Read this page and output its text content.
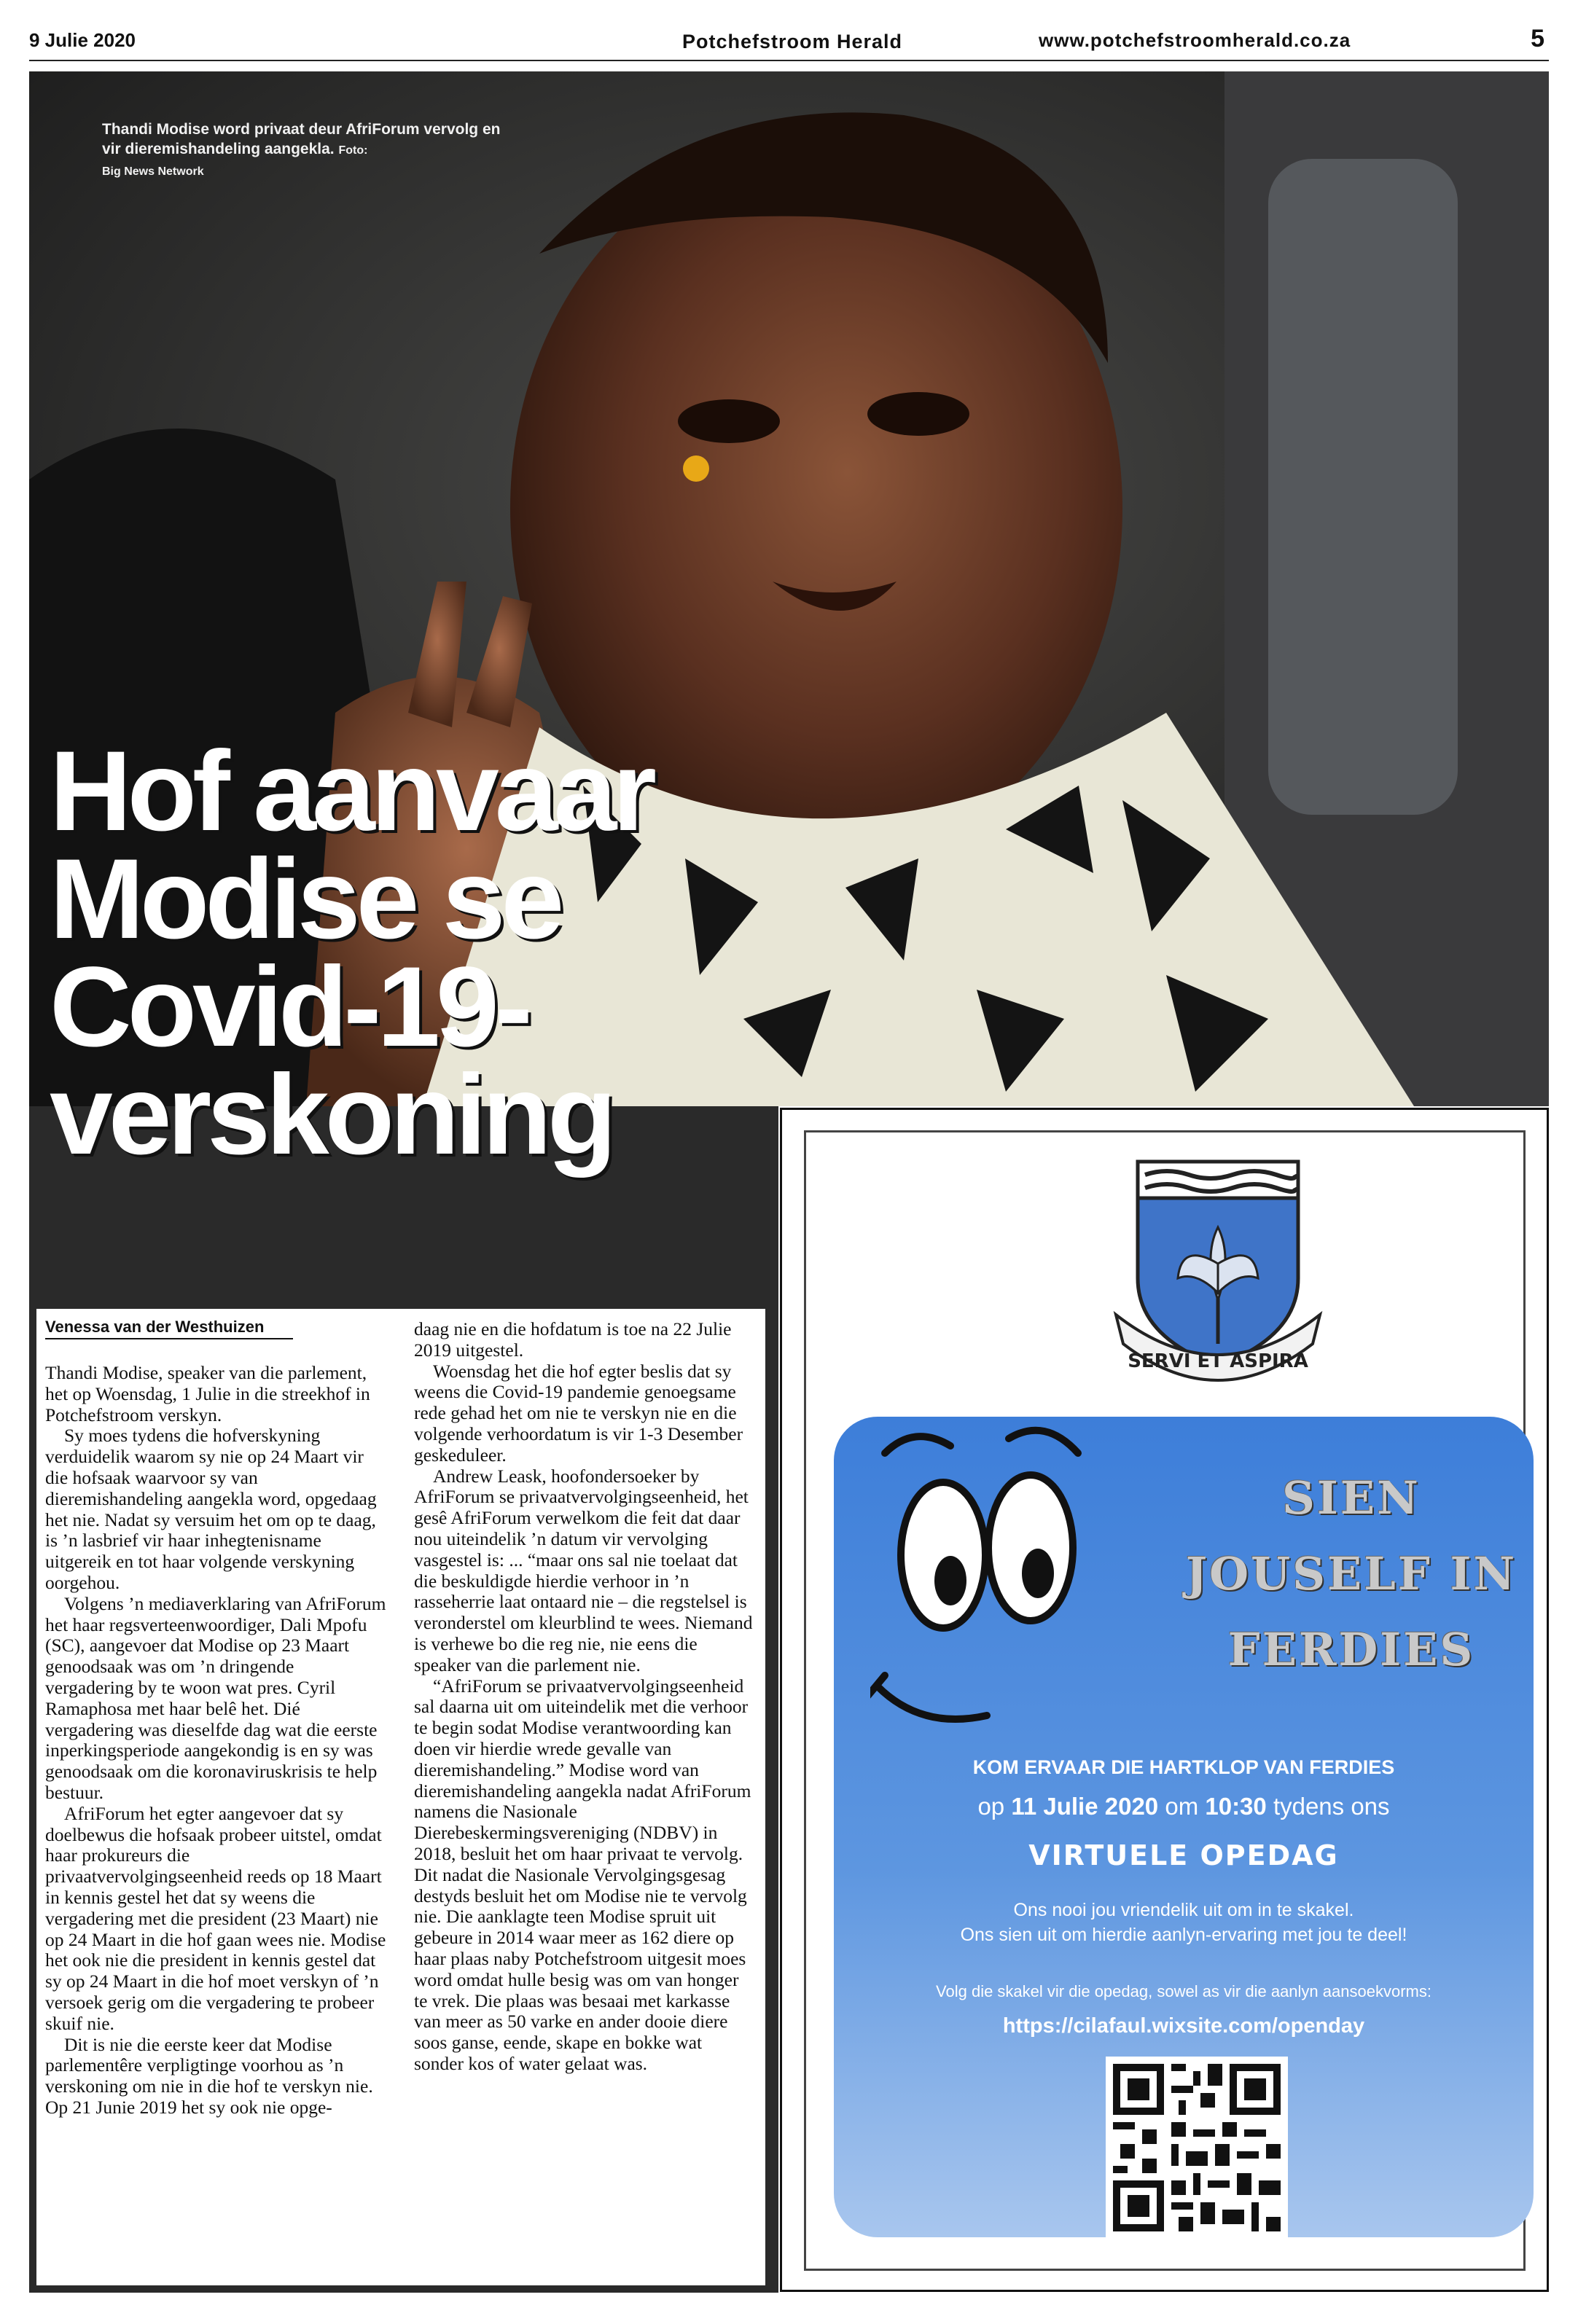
9 Julie 2020	Potchefstroom Herald	www.potchefstroomherald.co.za	5
Thandi Modise word privaat deur AfriForum vervolg en vir dieremishandeling aangekla. Foto:
Big News Network
Hof aanvaar
Modise se
Covid-19-
verskoning
Venessa van der Westhuizen

Thandi Modise, speaker van die parlement, het op Woensdag, 1 Julie in die streekhof in Potchefstroom verskyn.

Sy moes tydens die hofverskyning verduidelik waarom sy nie op 24 Maart vir die hofsaak waarvoor sy van dieremishandeling aangekla word, opgedaag het nie. Nadat sy versuim het om op te daag, is ’n lasbrief vir haar inhegtenisname uitgereik en tot haar volgende verskyning oorgehou.

Volgens ’n mediaverklaring van AfriForum het haar regsverteenwoordiger, Dali Mpofu (SC), aangevoer dat Modise op 23 Maart genoodsaak was om ’n dringende vergadering by te woon wat pres. Cyril Ramaphosa met haar belê het. Dié vergadering was dieselfde dag wat die eerste inperkingsperiode aangekondig is en sy was genoodsaak om die koronaviruskrisis te help bestuur.

AfriForum het egter aangevoer dat sy doelbewus die hofsaak probeer uitstel, omdat haar prokureurs die privaatvervolgingseenheid reeds op 18 Maart in kennis gestel het dat sy weens die vergadering met die president (23 Maart) nie op 24 Maart in die hof gaan wees nie. Modise het ook nie die president in kennis gestel dat sy op 24 Maart in die hof moet verskyn of ’n versoek gerig om die vergadering te probeer skuif nie.

Dit is nie die eerste keer dat Modise parlementêre verpligtinge voorhou as ’n verskoning om nie in die hof te verskyn nie. Op 21 Junie 2019 het sy ook nie opge-

daag nie en die hofdatum is toe na 22 Julie 2019 uitgestel.

Woensdag het die hof egter beslis dat sy weens die Covid-19 pandemie genoegsame rede gehad het om nie te verskyn nie en die volgende verhoordatum is vir 1-3 Desember geskeduleer.

Andrew Leask, hoofondersoeker by AfriForum se privaatvervolgingseenheid, het gesê AfriForum verwelkom die feit dat daar nou uiteindelik ’n datum vir vervolging vasgestel is: ... “maar ons sal nie toelaat dat die beskuldigde hierdie verhoor in ’n rasseherrie laat ontaard nie – die regstelsel is veronderstel om kleurblind te wees. Niemand is verhewe bo die reg nie, nie eens die speaker van die parlement nie.

“AfriForum se privaatvervolgingseenheid sal daarna uit om uiteindelik met die verhoor te begin sodat Modise verantwoording kan doen vir hierdie wrede gevalle van dieremishandeling.” Modise word van dieremishandeling aangekla nadat AfriForum namens die Nasionale Dierebeskermingsvereniging (NDBV) in 2018, besluit het om haar privaat te vervolg. Dit nadat die Nasionale Vervolgingsgesag destyds besluit het om Modise nie te vervolg nie. Die aanklagte teen Modise spruit uit gebeure in 2014 waar meer as 162 diere op haar plaas naby Potchefstroom uitgesit moes word omdat hulle besig was om van honger te vrek. Die plaas was besaai met karkasse van meer as 50 varke en ander dooie diere soos ganse, eende, skape en bokke wat sonder kos of water gelaat was.

SERVI ET ASPIRA
SIEN
JOUSELF IN
FERDIES
KOM ERVAAR DIE HARTKLOP VAN FERDIES
op 11 Julie 2020 om 10:30 tydens ons
VIRTUELE OPEDAG
Ons nooi jou vriendelik uit om in te skakel.
Ons sien uit om hierdie aanlyn-ervaring met jou te deel!
Volg die skakel vir die opedag, sowel as vir die aanlyn aansoekvorms:
https://cilafaul.wixsite.com/openday
